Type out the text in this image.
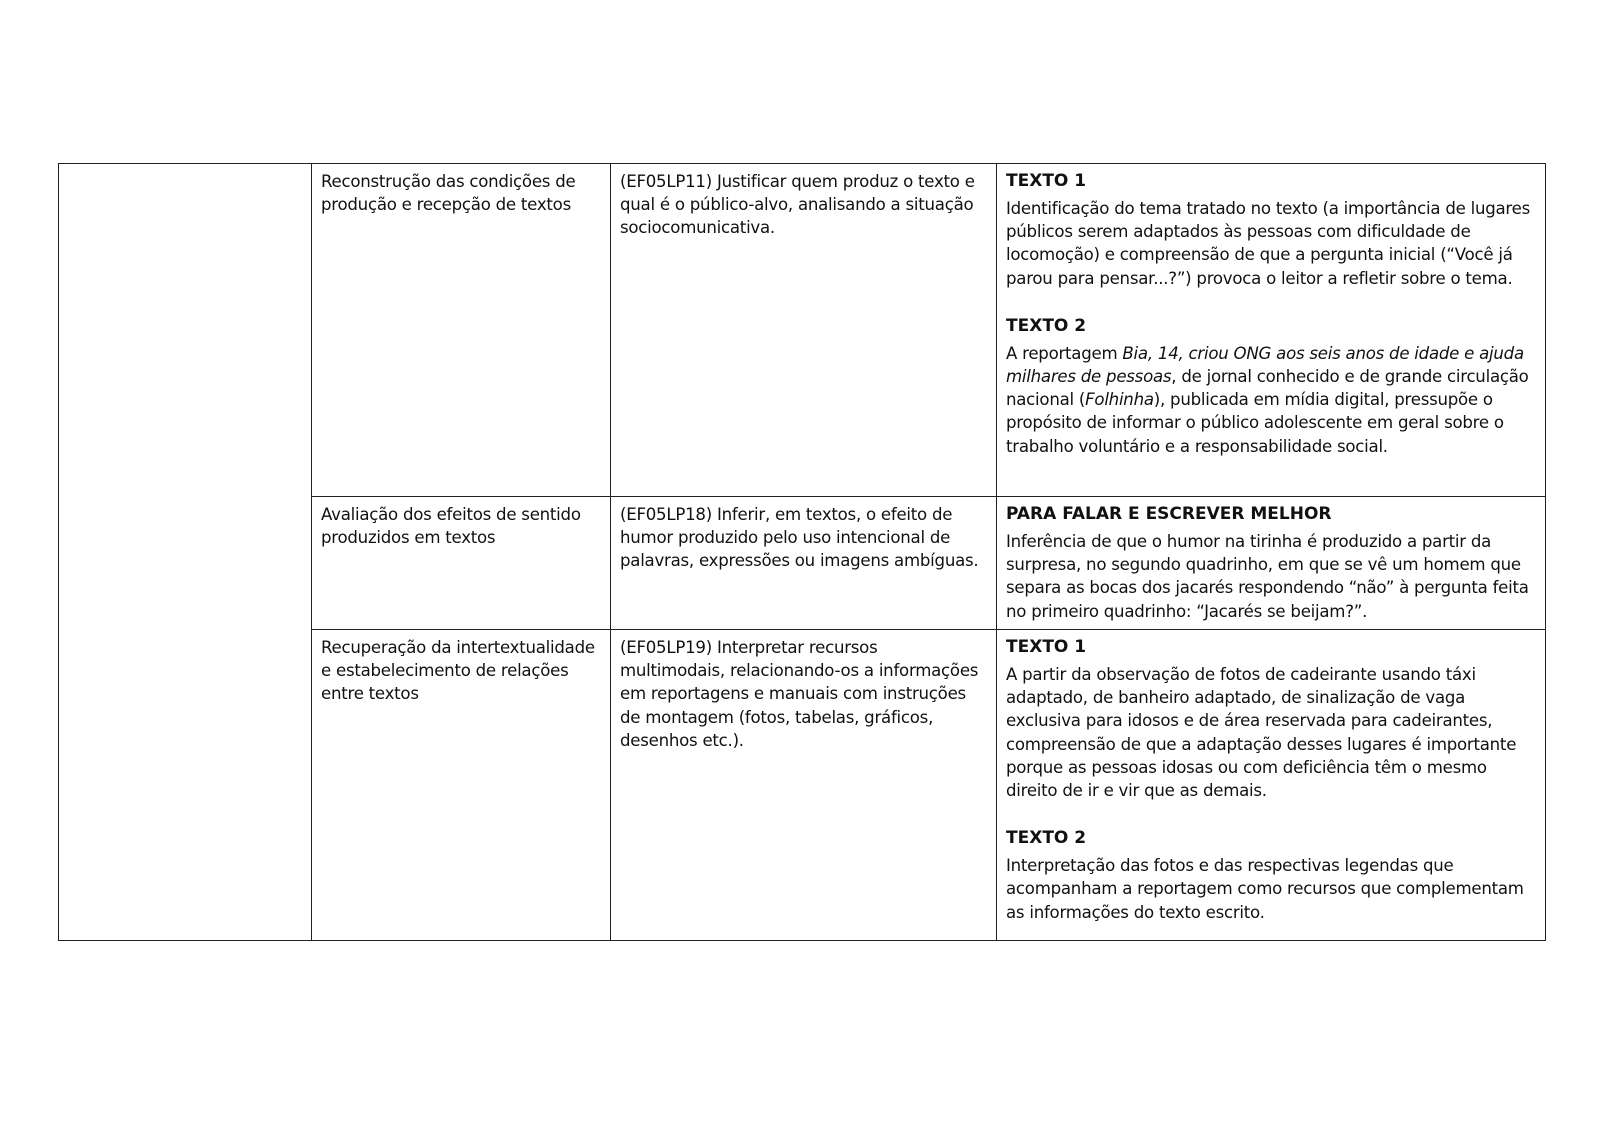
	Reconstrução das condições de produção e recepção de textos	(EF05LP11) Justificar quem produz o texto e qual é o público-alvo, analisando a situação sociocomunicativa.	TEXTO 1

Identificação do tema tratado no texto (a importância de lugares públicos serem adaptados às pessoas com dificuldade de locomoção) e compreensão de que a pergunta inicial (“Você já parou para pensar...?”) provoca o leitor a refletir sobre o tema.

TEXTO 2

A reportagem Bia, 14, criou ONG aos seis anos de idade e ajuda milhares de pessoas, de jornal conhecido e de grande circulação nacional (Folhinha), publicada em mídia digital, pressupõe o propósito de informar o público adolescente em geral sobre o trabalho voluntário e a responsabilidade social.

	Avaliação dos efeitos de sentido produzidos em textos	(EF05LP18) Inferir, em textos, o efeito de humor produzido pelo uso intencional de palavras, expressões ou imagens ambíguas.	PARA FALAR E ESCREVER MELHOR

Inferência de que o humor na tirinha é produzido a partir da surpresa, no segundo quadrinho, em que se vê um homem que separa as bocas dos jacarés respondendo “não” à pergunta feita no primeiro quadrinho: “Jacarés se beijam?”.

	Recuperação da intertextualidade e estabelecimento de relações entre textos	(EF05LP19) Interpretar recursos multimodais, relacionando-os a informações em reportagens e manuais com instruções de montagem (fotos, tabelas, gráficos, desenhos etc.).	TEXTO 1

A partir da observação de fotos de cadeirante usando táxi adaptado, de banheiro adaptado, de sinalização de vaga exclusiva para idosos e de área reservada para cadeirantes, compreensão de que a adaptação desses lugares é importante porque as pessoas idosas ou com deficiência têm o mesmo direito de ir e vir que as demais.

TEXTO 2

Interpretação das fotos e das respectivas legendas que acompanham a reportagem como recursos que complementam as informações do texto escrito.
